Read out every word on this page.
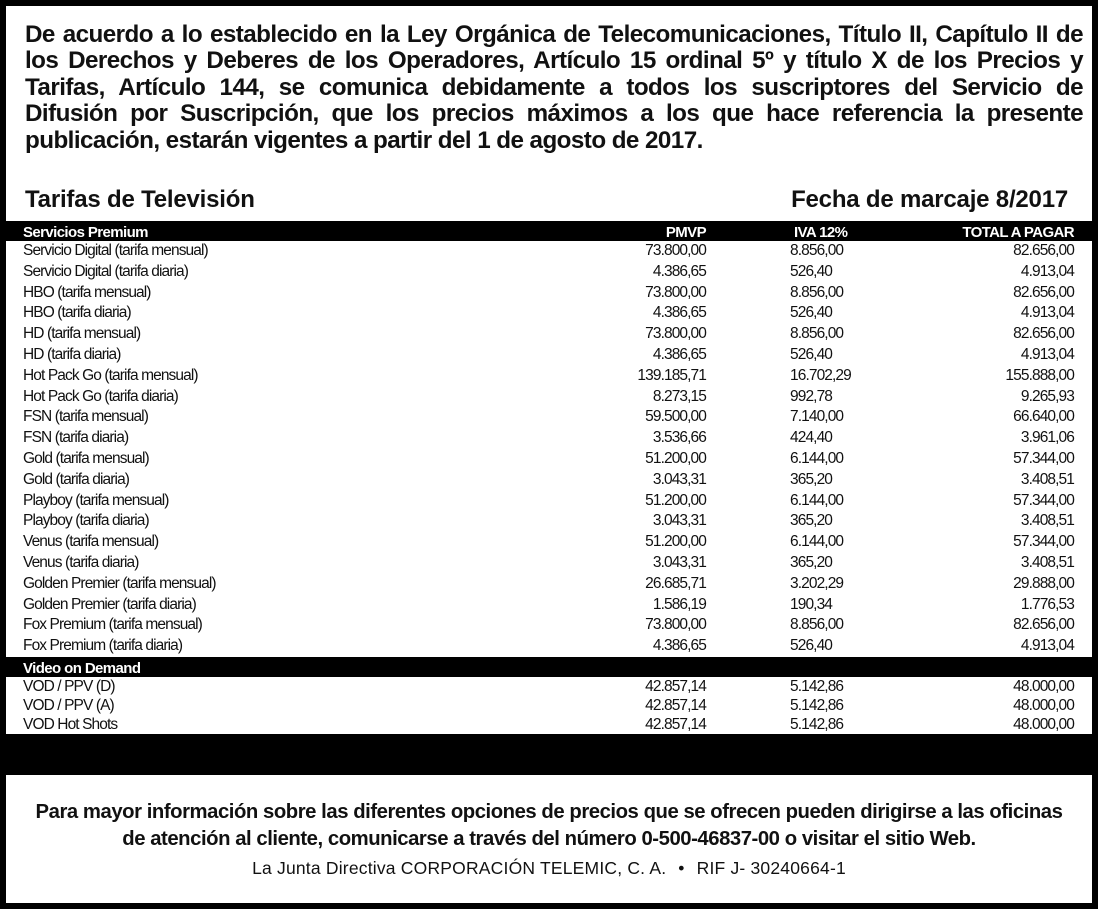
De acuerdo a lo establecido en la Ley Orgánica de Telecomunicaciones, Título II, Capítulo II de los Derechos y Deberes de los Operadores, Artículo 15 ordinal 5º y título X de los Precios y Tarifas, Artículo 144, se comunica debidamente a todos los suscriptores del Servicio de Difusión por Suscripción, que los precios máximos a los que hace referencia la presente publicación, estarán vigentes a partir del 1 de agosto de 2017.

Tarifas de Televisión	Fecha de marcaje 8/2017
Servicios Premium	PMVP	IVA 12%	TOTAL A PAGAR
Servicio Digital (tarifa mensual)	73.800,00	8.856,00	82.656,00
Servicio Digital (tarifa diaria)	4.386,65	526,40	4.913,04
HBO (tarifa mensual)	73.800,00	8.856,00	82.656,00
HBO (tarifa diaria)	4.386,65	526,40	4.913,04
HD (tarifa mensual)	73.800,00	8.856,00	82.656,00
HD (tarifa diaria)	4.386,65	526,40	4.913,04
Hot Pack Go (tarifa mensual)	139.185,71	16.702,29	155.888,00
Hot Pack Go (tarifa diaria)	8.273,15	992,78	9.265,93
FSN (tarifa mensual)	59.500,00	7.140,00	66.640,00
FSN (tarifa diaria)	3.536,66	424,40	3.961,06
Gold (tarifa mensual)	51.200,00	6.144,00	57.344,00
Gold (tarifa diaria)	3.043,31	365,20	3.408,51
Playboy (tarifa mensual)	51.200,00	6.144,00	57.344,00
Playboy (tarifa diaria)	3.043,31	365,20	3.408,51
Venus (tarifa mensual)	51.200,00	6.144,00	57.344,00
Venus (tarifa diaria)	3.043,31	365,20	3.408,51
Golden Premier (tarifa mensual)	26.685,71	3.202,29	29.888,00
Golden Premier (tarifa diaria)	1.586,19	190,34	1.776,53
Fox Premium (tarifa mensual)	73.800,00	8.856,00	82.656,00
Fox Premium (tarifa diaria)	4.386,65	526,40	4.913,04
Video on Demand
VOD / PPV (D)	42.857,14	5.142,86	48.000,00
VOD / PPV (A)	42.857,14	5.142,86	48.000,00
VOD Hot Shots	42.857,14	5.142,86	48.000,00

Para mayor información sobre las diferentes opciones de precios que se ofrecen pueden dirigirse a las oficinas de atención al cliente, comunicarse a través del número 0-500-46837-00 o visitar el sitio Web.

La Junta Directiva CORPORACIÓN TELEMIC, C. A. • RIF J- 30240664-1
